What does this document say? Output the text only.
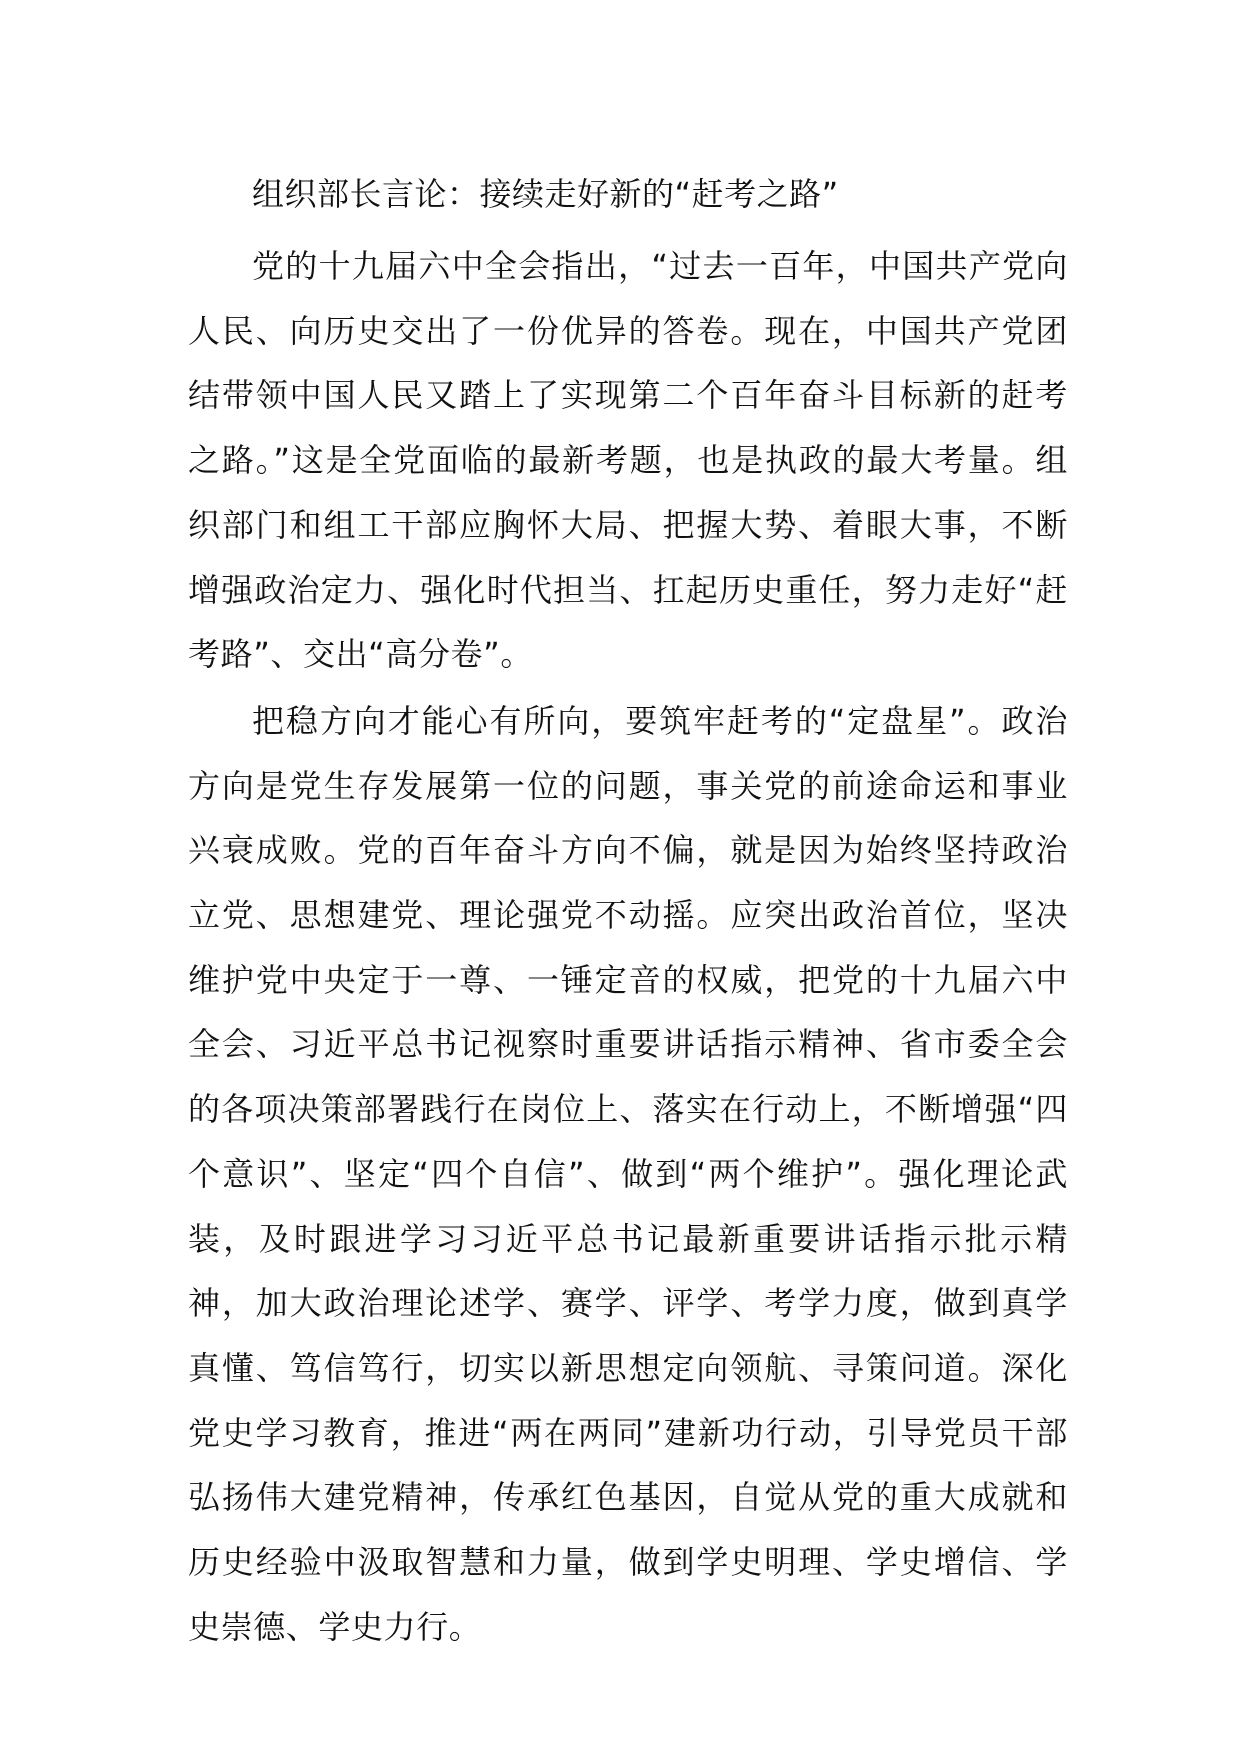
组织部长言论：接续走好新的“赶考之路”

党的十九届六中全会指出，“过去一百年，中国共产党向人民、向历史交出了一份优异的答卷。现在，中国共产党团结带领中国人民又踏上了实现第二个百年奋斗目标新的赶考之路。”这是全党面临的最新考题，也是执政的最大考量。组织部门和组工干部应胸怀大局、把握大势、着眼大事，不断增强政治定力、强化时代担当、扛起历史重任，努力走好“赶考路”、交出“高分卷”。

把稳方向才能心有所向，要筑牢赶考的“定盘星”。政治方向是党生存发展第一位的问题，事关党的前途命运和事业兴衰成败。党的百年奋斗方向不偏，就是因为始终坚持政治立党、思想建党、理论强党不动摇。应突出政治首位，坚决维护党中央定于一尊、一锤定音的权威，把党的十九届六中全会、习近平总书记视察时重要讲话指示精神、省市委全会的各项决策部署践行在岗位上、落实在行动上，不断增强“四个意识”、坚定“四个自信”、做到“两个维护”。强化理论武装，及时跟进学习习近平总书记最新重要讲话指示批示精神，加大政治理论述学、赛学、评学、考学力度，做到真学真懂、笃信笃行，切实以新思想定向领航、寻策问道。深化党史学习教育，推进“两在两同”建新功行动，引导党员干部弘扬伟大建党精神，传承红色基因，自觉从党的重大成就和历史经验中汲取智慧和力量，做到学史明理、学史增信、学史崇德、学史力行。
